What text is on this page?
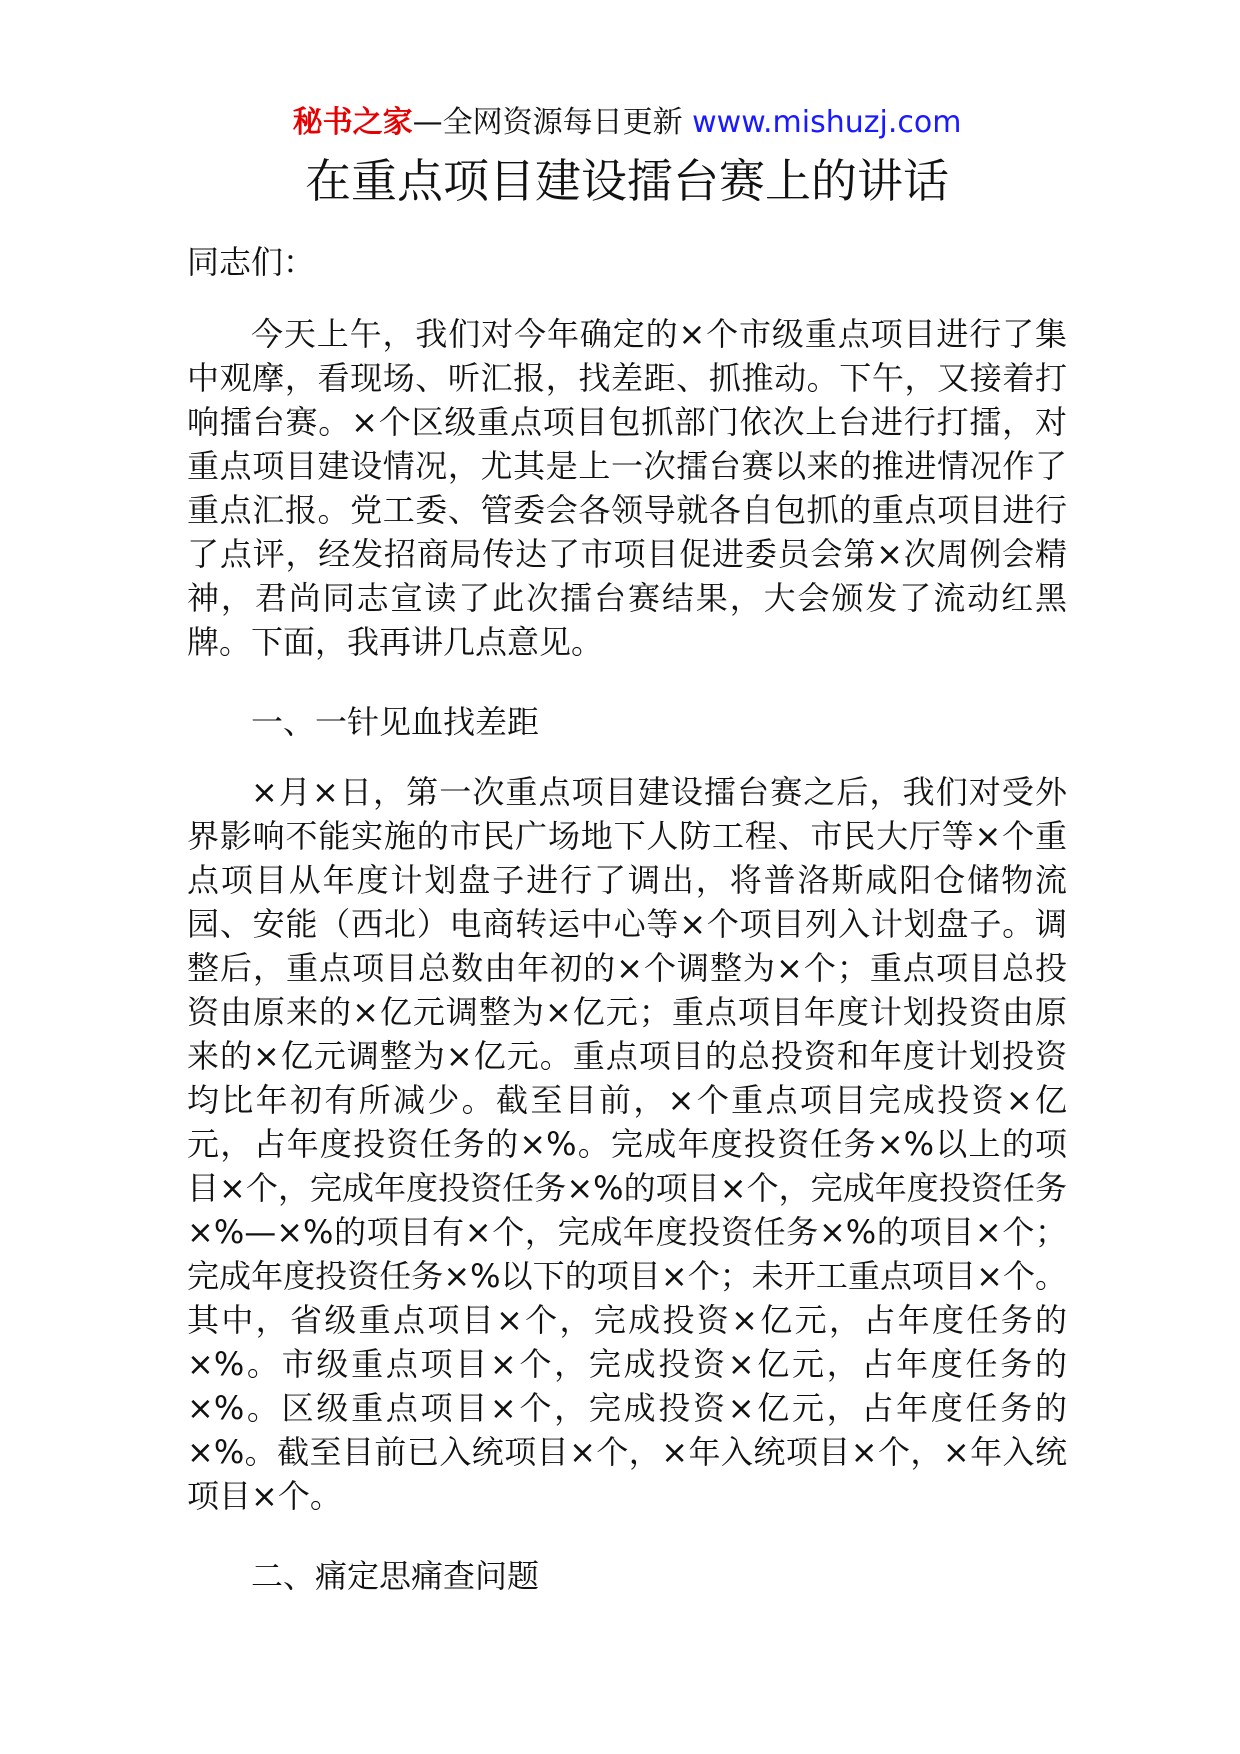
秘书之家—全网资源每日更新 www.mishuzj.com
在重点项目建设擂台赛上的讲话

同志们：

今天上午，我们对今年确定的×个市级重点项目进行了集中观摩，看现场、听汇报，找差距、抓推动。下午，又接着打响擂台赛。×个区级重点项目包抓部门依次上台进行打擂，对重点项目建设情况，尤其是上一次擂台赛以来的推进情况作了重点汇报。党工委、管委会各领导就各自包抓的重点项目进行了点评，经发招商局传达了市项目促进委员会第×次周例会精神，君尚同志宣读了此次擂台赛结果，大会颁发了流动红黑牌。下面，我再讲几点意见。

一、一针见血找差距

×月×日，第一次重点项目建设擂台赛之后，我们对受外界影响不能实施的市民广场地下人防工程、市民大厅等×个重点项目从年度计划盘子进行了调出，将普洛斯咸阳仓储物流园、安能（西北）电商转运中心等×个项目列入计划盘子。调整后，重点项目总数由年初的×个调整为×个；重点项目总投资由原来的×亿元调整为×亿元；重点项目年度计划投资由原来的×亿元调整为×亿元。重点项目的总投资和年度计划投资均比年初有所减少。截至目前，×个重点项目完成投资×亿元，占年度投资任务的×%。完成年度投资任务×%以上的项目×个，完成年度投资任务×%的项目×个，完成年度投资任务×%—×%的项目有×个，完成年度投资任务×%的项目×个；完成年度投资任务×%以下的项目×个；未开工重点项目×个。其中，省级重点项目×个，完成投资×亿元，占年度任务的×%。市级重点项目×个，完成投资×亿元，占年度任务的×%。区级重点项目×个，完成投资×亿元，占年度任务的×%。截至目前已入统项目×个，×年入统项目×个，×年入统项目×个。

二、痛定思痛查问题
